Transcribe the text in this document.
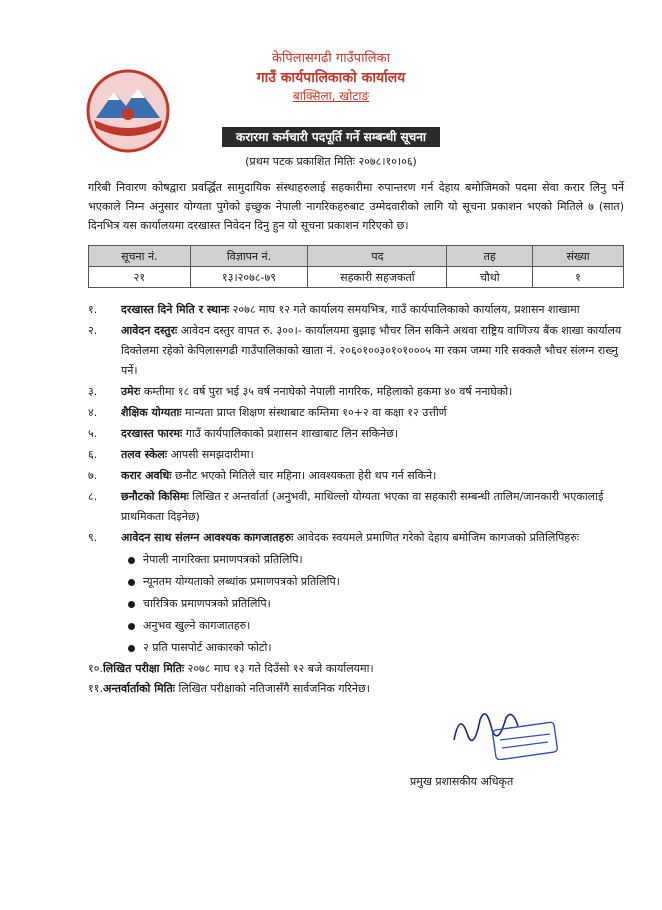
केपिलासगढी गाउँपालिका
गाउँ कार्यपालिकाको कार्यालय
बाक्सिला, खोटाङ
करारमा कर्मचारी पदपूर्ति गर्ने सम्बन्धी सूचना
(प्रथम पटक प्रकाशित मितिः २०७८।१०।०६)
गरिबी निवारण कोषद्वारा प्रवर्द्धित सामुदायिक संस्थाहरुलाई सहकारीमा रुपान्तरण गर्न देहाय बमोजिमको पदमा सेवा करार लिनु पर्ने भएकाले निम्न अनुसार योग्यता पुगेको इच्छुक नेपाली नागरिकहरुबाट उम्मेदवारीको लागि यो सूचना प्रकाशन भएको मितिले ७ (सात) दिनभित्र यस कार्यालयमा दरखास्त निवेदन दिनु हुन यो सूचना प्रकाशन गरिएको छ।
सूचना नं.	विज्ञापन नं.	पद	तह	संख्या
२१	१३।२०७८-७९	सहकारी सहजकर्ता	चौथो	१
१.	दरखास्त दिने मिति र स्थानः २०७८ माघ १२ गते कार्यालय समयभित्र, गाउँ कार्यपालिकाको कार्यालय, प्रशासन शाखामा
२.	आवेदन दस्तुरः आवेदन दस्तुर वापत रु. ३००।- कार्यालयमा बुझाइ भौचर लिन सकिने अथवा राष्ट्रिय वाणिज्य बैंक शाखा कार्यालय दिक्तेलमा रहेको केपिलासगढी गाउँपालिकाको खाता नं. २०६०१००३०१०१०००५ मा रकम जम्मा गरि सक्कलै भौचर संलग्न राख्नु पर्ने।
३.	उमेरः कम्तीमा १८ वर्ष पुरा भई ३५ वर्ष ननाघेको नेपाली नागरिक, महिलाको हकमा ४० वर्ष ननाघेको।
४.	शैक्षिक योग्यताः मान्यता प्राप्त शिक्षण संस्थाबाट कम्तिमा १०+२ वा कक्षा १२ उत्तीर्ण
५.	दरखास्त फारमः गाउँ कार्यपालिकाको प्रशासन शाखाबाट लिन सकिनेछ।
६.	तलव स्केलः आपसी समझदारीमा।
७.	करार अवधिः छनौट भएको मितिले चार महिना। आवश्यकता हेरी थप गर्न सकिने।
८.	छनौटको किसिमः लिखित र अन्तर्वार्ता (अनुभवी, माथिल्लो योग्यता भएका वा सहकारी सम्बन्धी तालिम/जानकारी भएकालाई प्राथमिकता दिइनेछ)
९.	आवेदन साथ संलग्न आवश्यक कागजातहरुः आवेदक स्वयमले प्रमाणित गरेको देहाय बमोजिम कागजको प्रतिलिपिहरुः
नेपाली नागरिक्ता प्रमाणपत्रको प्रतिलिपि।
न्यूनतम योग्यताको लब्धांक प्रमाणपत्रको प्रतिलिपि।
चारित्रिक प्रमाणपत्रको प्रतिलिपि।
अनुभव खुल्ने कागजातहरु।
२ प्रति पासपोर्ट आकारको फोटो।
१०.लिखित परीक्षा मितिः २०७८ माघ १३ गते दिउँसो १२ बजे कार्यालयमा।
११.अन्तर्वार्ताको मितिः लिखित परीक्षाको नतिजासँगै सार्वजनिक गरिनेछ।
प्रमुख प्रशासकीय अधिकृत
